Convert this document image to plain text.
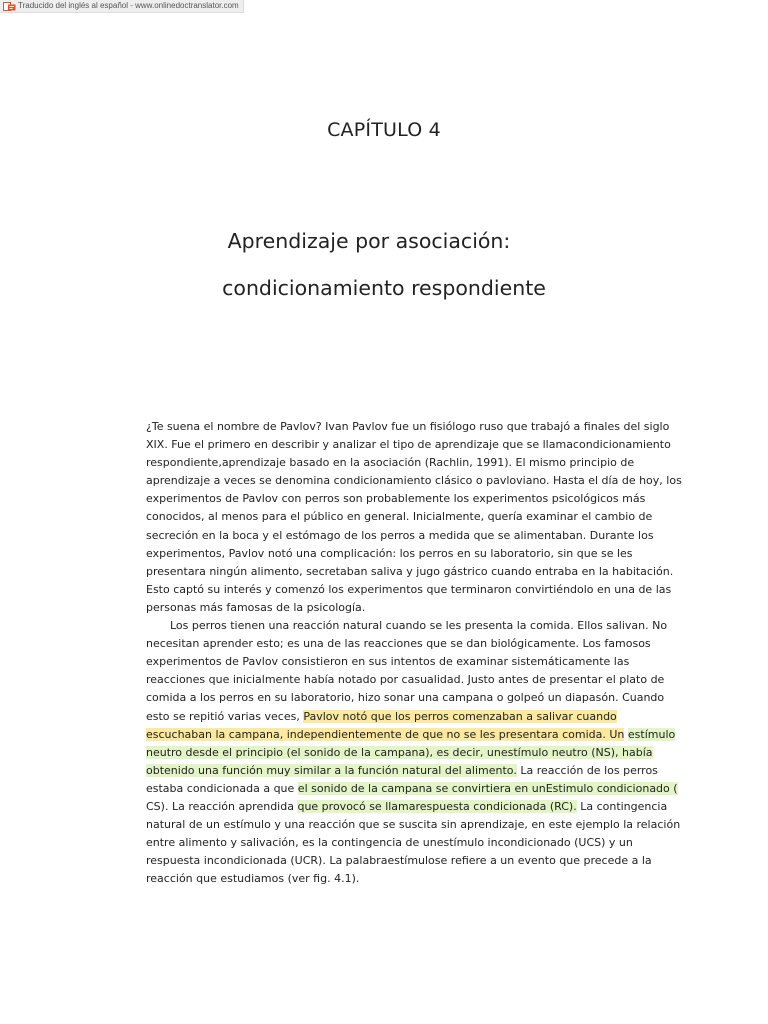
Traducido del inglés al español - www.onlinedoctranslator.com
CAPÍTULO 4
Aprendizaje por asociación:
condicionamiento respondiente

¿Te suena el nombre de Pavlov? Ivan Pavlov fue un fisiólogo ruso que trabajó a finales del siglo
XIX. Fue el primero en describir y analizar el tipo de aprendizaje que se llamacondicionamiento
respondiente,aprendizaje basado en la asociación (Rachlin, 1991). El mismo principio de
aprendizaje a veces se denomina condicionamiento clásico o pavloviano. Hasta el día de hoy, los
experimentos de Pavlov con perros son probablemente los experimentos psicológicos más
conocidos, al menos para el público en general. Inicialmente, quería examinar el cambio de
secreción en la boca y el estómago de los perros a medida que se alimentaban. Durante los
experimentos, Pavlov notó una complicación: los perros en su laboratorio, sin que se les
presentara ningún alimento, secretaban saliva y jugo gástrico cuando entraba en la habitación.
Esto captó su interés y comenzó los experimentos que terminaron convirtiéndolo en una de las
personas más famosas de la psicología.

Los perros tienen una reacción natural cuando se les presenta la comida. Ellos salivan. No
necesitan aprender esto; es una de las reacciones que se dan biológicamente. Los famosos
experimentos de Pavlov consistieron en sus intentos de examinar sistemáticamente las
reacciones que inicialmente había notado por casualidad. Justo antes de presentar el plato de
comida a los perros en su laboratorio, hizo sonar una campana o golpeó un diapasón. Cuando
esto se repitió varias veces, Pavlov notó que los perros comenzaban a salivar cuando
escuchaban la campana, independientemente de que no se les presentara comida. Un estímulo
neutro desde el principio (el sonido de la campana), es decir, unestímulo neutro (NS), había
obtenido una función muy similar a la función natural del alimento. La reacción de los perros
estaba condicionada a que el sonido de la campana se convirtiera en unEstimulo condicionado (
CS). La reacción aprendida que provocó se llamarespuesta condicionada (RC). La contingencia
natural de un estímulo y una reacción que se suscita sin aprendizaje, en este ejemplo la relación
entre alimento y salivación, es la contingencia de unestímulo incondicionado (UCS) y un
respuesta incondicionada (UCR). La palabraestímulose refiere a un evento que precede a la
reacción que estudiamos (ver fig. 4.1).
